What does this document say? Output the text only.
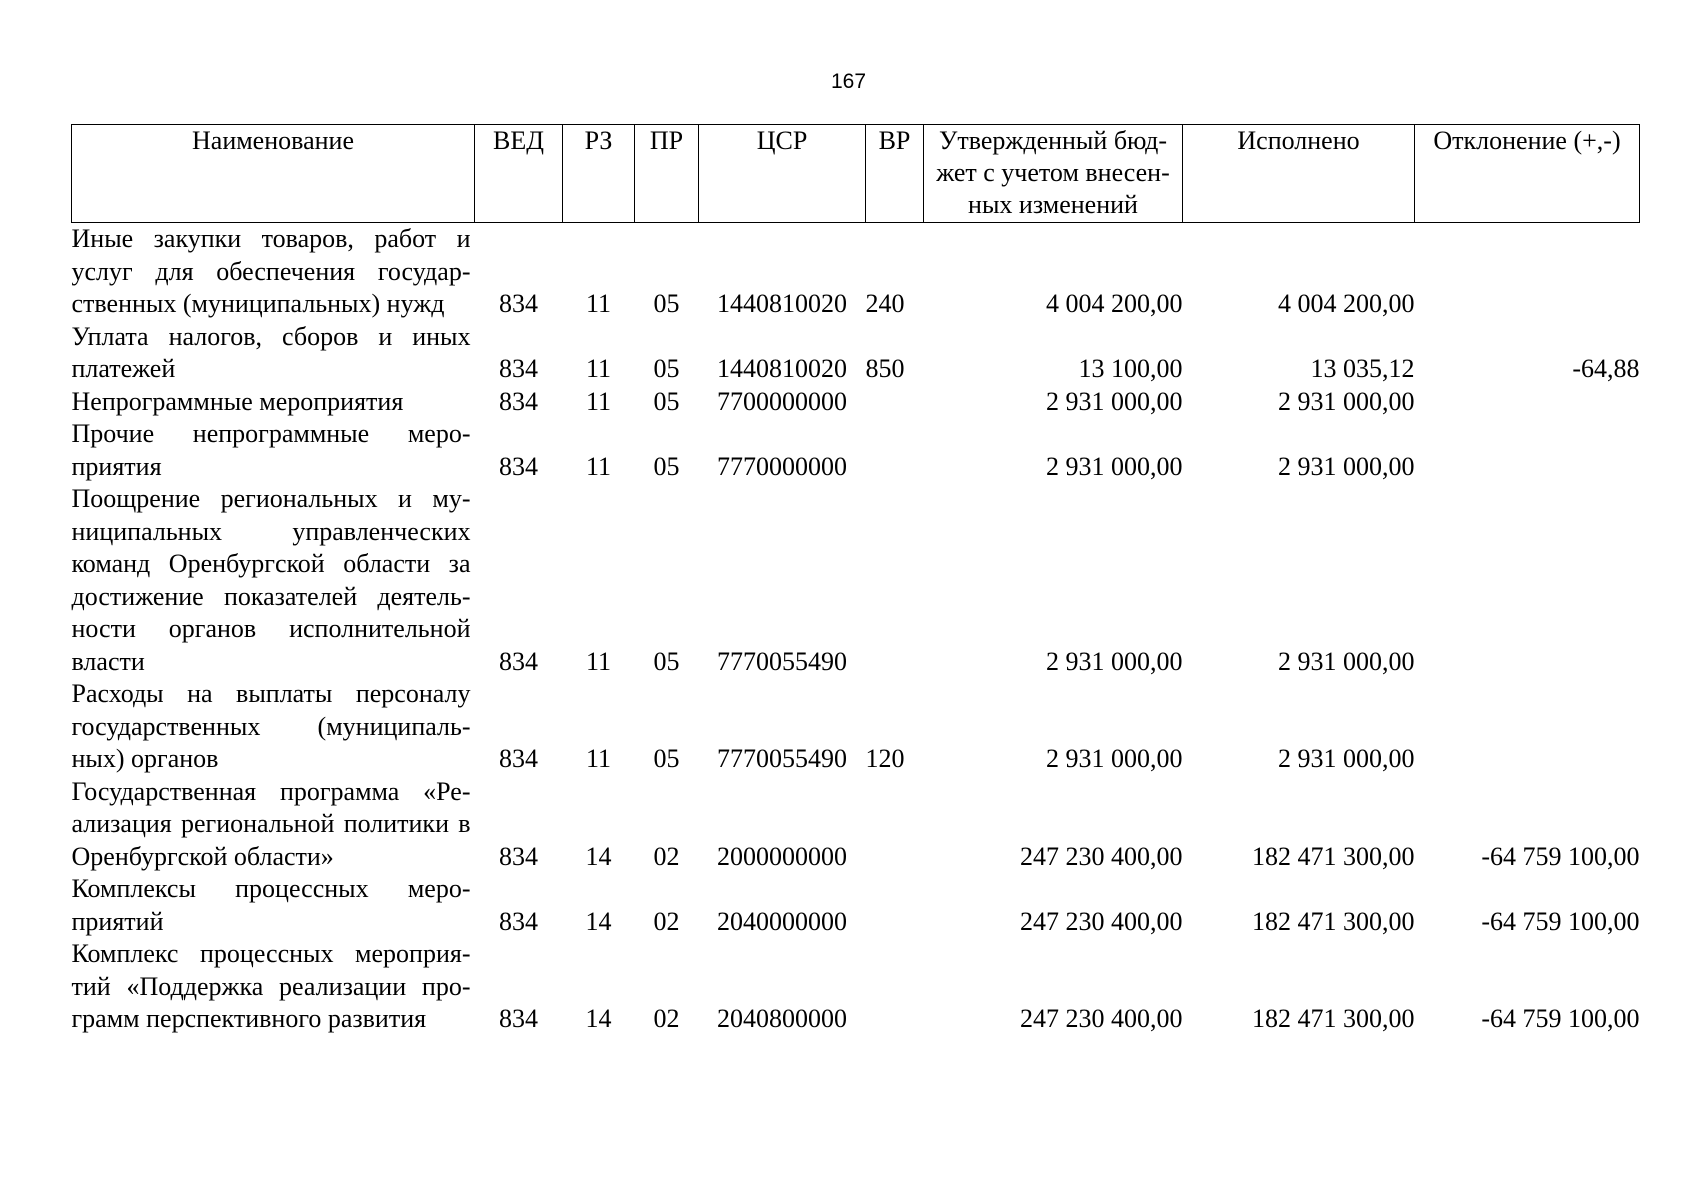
167
Наименование	ВЕД	РЗ	ПР	ЦСР	ВР	Утвержденный бюд-жет с учетом внесен-ных изменений	Исполнено	Отклонение (+,-)
Иные закупки товаров, работ и услуг для обеспечения государ-ственных (муниципальных) нужд	834	11	05	1440810020	240	4 004 200,00	4 004 200,00	
Уплата налогов, сборов и иных платежей	834	11	05	1440810020	850	13 100,00	13 035,12	-64,88
Непрограммные мероприятия	834	11	05	7700000000		2 931 000,00	2 931 000,00	
Прочие непрограммные меро-приятия	834	11	05	7770000000		2 931 000,00	2 931 000,00	
Поощрение региональных и му-ниципальных управленческих команд Оренбургской области за достижение показателей деятель-ности органов исполнительной власти	834	11	05	7770055490		2 931 000,00	2 931 000,00	
Расходы на выплаты персоналу государственных (муниципаль-ных) органов	834	11	05	7770055490	120	2 931 000,00	2 931 000,00	
Государственная программа «Ре-ализация региональной политики в Оренбургской области»	834	14	02	2000000000		247 230 400,00	182 471 300,00	-64 759 100,00
Комплексы процессных меро-приятий	834	14	02	2040000000		247 230 400,00	182 471 300,00	-64 759 100,00
Комплекс процессных мероприя-тий «Поддержка реализации про-грамм перспективного развития	834	14	02	2040800000		247 230 400,00	182 471 300,00	-64 759 100,00
